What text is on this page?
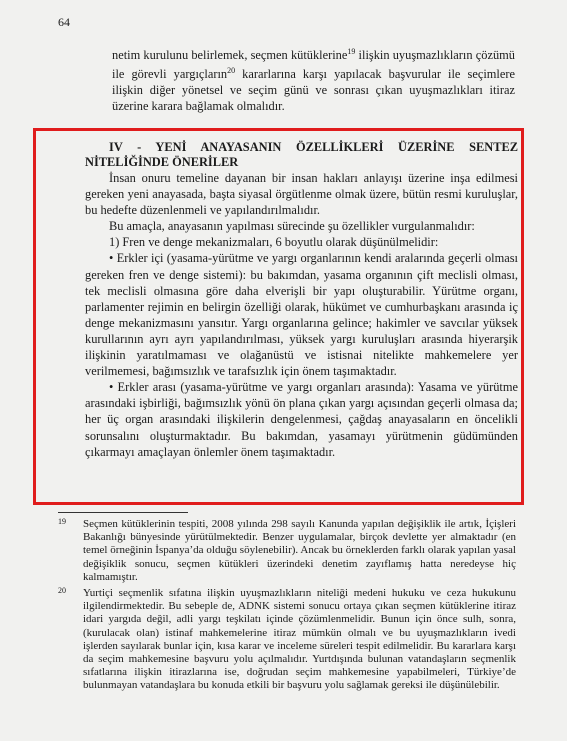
64

netim kurulunu belirlemek, seçmen kütüklerine$^{19}$ ilişkin uyuşmazlıkların çözümü ile görevli yargıçların$^{20}$ kararlarına karşı yapılacak başvurular ile seçimlere ilişkin diğer yönetsel ve seçim günü ve sonrası çıkan uyuşmazlıkları itiraz üzerine karara bağlamak olmalıdır.

IV - YENİ ANAYASANIN ÖZELLİKLERİ ÜZERİNE SENTEZ NİTELİĞİNDE ÖNERİLER

İnsan onuru temeline dayanan bir insan hakları anlayışı üzerine inşa edilmesi gereken yeni anayasada, başta siyasal örgütlenme olmak üzere, bütün resmi kuruluşlar, bu hedefte düzenlenmeli ve yapılandırılmalıdır.

Bu amaçla, anayasanın yapılması sürecinde şu özellikler vurgulanmalıdır:

1) Fren ve denge mekanizmaları, 6 boyutlu olarak düşünülmelidir:

• Erkler içi (yasama-yürütme ve yargı organlarının kendi aralarında geçerli olması gereken fren ve denge sistemi): bu bakımdan, yasama organının çift meclisli olması, tek meclisli olmasına göre daha elverişli bir yapı oluşturabilir. Yürütme organı, parlamenter rejimin en belirgin özelliği olarak, hükümet ve cumhurbaşkanı arasında iç denge mekanizmasını yansıtır. Yargı organlarına gelince; hakimler ve savcılar yüksek kurullarının ayrı ayrı yapılandırılması, yüksek yargı kuruluşları arasında hiyerarşik ilişkinin yaratılmaması ve olağanüstü ve istisnai nitelikte mahkemelere yer verilmemesi, bağımsızlık ve tarafsızlık için önem taşımaktadır.

• Erkler arası (yasama-yürütme ve yargı organları arasında): Yasama ve yürütme arasındaki işbirliği, bağımsızlık yönü ön plana çıkan yargı açısından geçerli olmasa da; her üç organ arasındaki ilişkilerin dengelenmesi, çağdaş anayasaların en öncelikli sorunsalını oluşturmaktadır. Bu bakımdan, yasamayı yürütmenin güdümünden çıkarmayı amaçlayan önlemler önem taşımaktadır.

19 Seçmen kütüklerinin tespiti, 2008 yılında 298 sayılı Kanunda yapılan değişiklik ile artık, İçişleri Bakanlığı bünyesinde yürütülmektedir. Benzer uygulamalar, birçok devlette yer almaktadır (en temel örneğinin İspanya’da olduğu söylenebilir). Ancak bu örneklerden farklı olarak yapılan yasal değişiklik sonucu, seçmen kütükleri üzerindeki denetim zayıflamış hatta neredeyse hiç kalmamıştır.

20 Yurtiçi seçmenlik sıfatına ilişkin uyuşmazlıkların niteliği medeni hukuku ve ceza hukukunu ilgilendirmektedir. Bu sebeple de, ADNK sistemi sonucu ortaya çıkan seçmen kütüklerine itiraz idari yargıda değil, adli yargı teşkilatı içinde çözümlenmelidir. Bunun için önce sulh, sonra, (kurulacak olan) istinaf mahkemelerine itiraz mümkün olmalı ve bu uyuşmazlıkların ivedi işlerden sayılarak bunlar için, kısa karar ve inceleme süreleri tespit edilmelidir. Bu kararlara karşı da seçim mahkemesine başvuru yolu açılmalıdır. Yurtdışında bulunan vatandaşların seçmenlik sıfatlarına ilişkin itirazlarına ise, doğrudan seçim mahkemesine yapabilmeleri, Türkiye’de bulunmayan vatandaşlara bu konuda etkili bir başvuru yolu sağlamak gereksi ile düşünülebilir.
